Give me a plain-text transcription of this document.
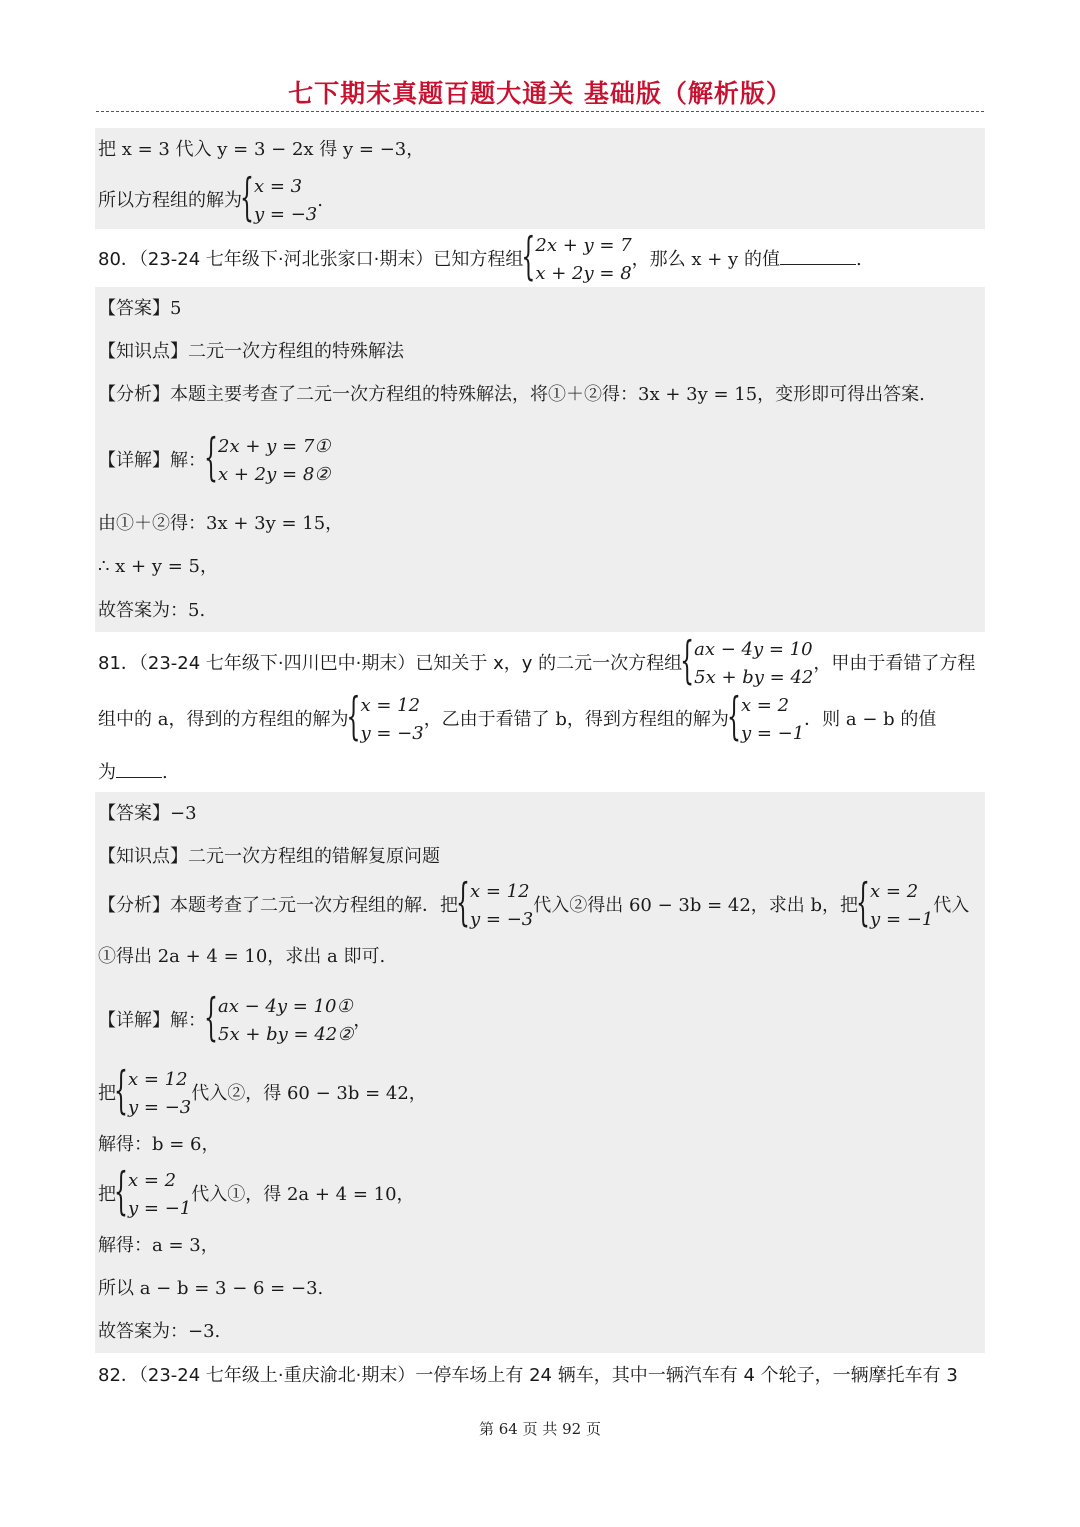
七下期末真题百题大通关 基础版（解析版）
把 x = 3 代入 y = 3 − 2x 得 y = −3，
所以方程组的解为
{ x = 3
y = −3
.
80．（23-24 七年级下·河北张家口·期末）已知方程组
{ 2x + y = 7
x + 2y = 8
，那么 x + y 的值	.
【答案】5
【知识点】二元一次方程组的特殊解法
【分析】本题主要考查了二元一次方程组的特殊解法，将①＋②得：3x + 3y = 15，变形即可得出答案.
【详解】解：
{ 2x + y = 7①
x + 2y = 8②
由①＋②得：3x + 3y = 15，
∴ x + y = 5，
故答案为：5.
81．（23-24 七年级下·四川巴中·期末）已知关于 x，y 的二元一次方程组
{ ax − 4y = 10
5x + by = 42
，甲由于看错了方程
组中的 a，得到的方程组的解为
{ x = 12
y = −3
，乙由于看错了 b，得到方程组的解为
{ x = 2
y = −1
．则 a − b 的值
为	.
【答案】−3
【知识点】二元一次方程组的错解复原问题
【分析】本题考查了二元一次方程组的解．把
{ x = 12
y = −3
代入②得出 60 − 3b = 42，求出 b，把
{ x = 2
y = −1
代入
①得出 2a + 4 = 10，求出 a 即可.
【详解】解：
{ ax − 4y = 10①
5x + by = 42②
，
把
{ x = 12
y = −3
代入②，得 60 − 3b = 42，
解得：b = 6，
把
{ x = 2
y = −1
代入①，得 2a + 4 = 10，
解得：a = 3，
所以 a − b = 3 − 6 = −3.
故答案为：−3.
82．（23-24 七年级上·重庆渝北·期末）一停车场上有 24 辆车，其中一辆汽车有 4 个轮子，一辆摩托车有 3
第 64 页 共 92 页
